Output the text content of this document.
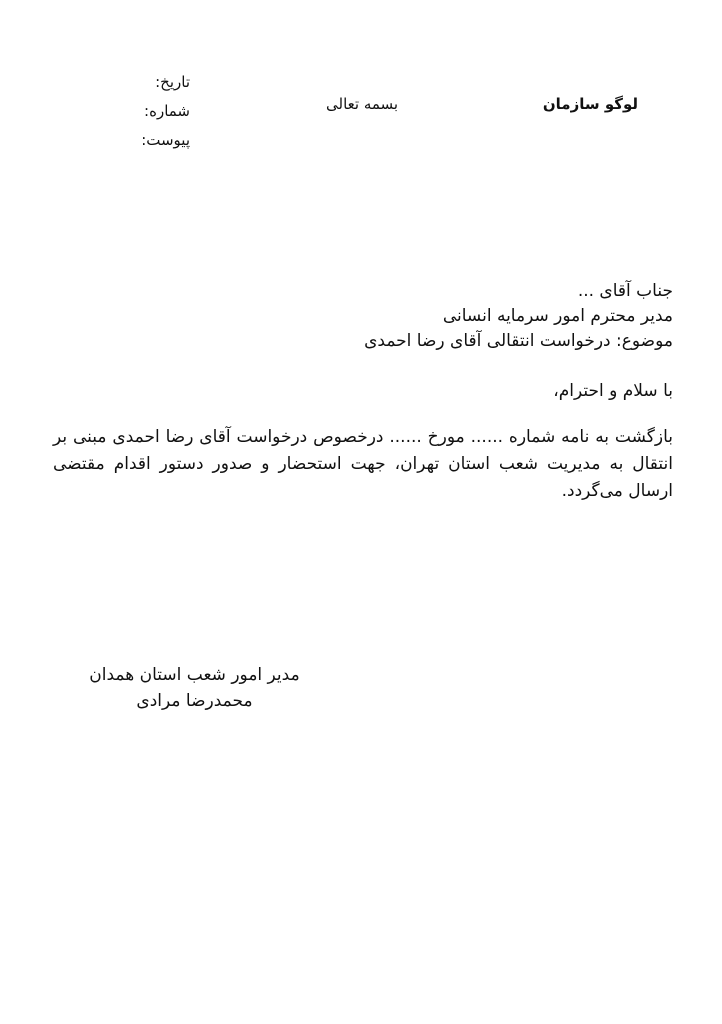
لوگو سازمان
بسمه تعالی
تاریخ:
شماره:
پیوست:
جناب آقای ...
مدیر محترم امور سرمایه انسانی
موضوع: درخواست انتقالی آقای رضا احمدی
با سلام و احترام،
بازگشت به نامه شماره ...... مورخ ...... درخصوص درخواست آقای رضا احمدی مبنی بر انتقال به مدیریت شعب استان تهران، جهت استحضار و صدور دستور اقدام مقتضی ارسال می‌گردد.
مدیر امور شعب استان همدان
محمدرضا مرادی
